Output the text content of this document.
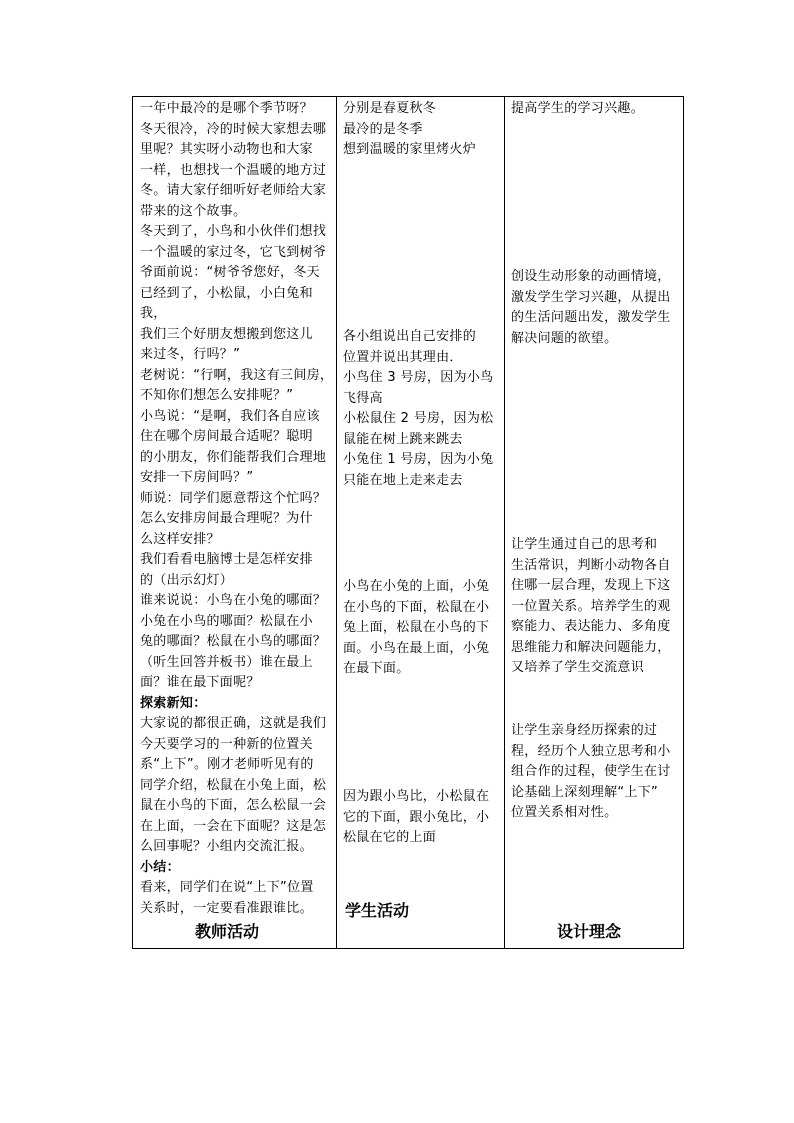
一年中最冷的是哪个季节呀？

冬天很冷，冷的时候大家想去哪

里呢？其实呀小动物也和大家

一样，也想找一个温暖的地方过

冬。请大家仔细听好老师给大家

带来的这个故事。

冬天到了，小鸟和小伙伴们想找

一个温暖的家过冬，它飞到树爷

爷面前说：“树爷爷您好，冬天

已经到了，小松鼠，小白兔和我，

我们三个好朋友想搬到您这儿

来过冬，行吗？”

老树说：“行啊，我这有三间房，

不知你们想怎么安排呢？”

小鸟说：“是啊，我们各自应该

住在哪个房间最合适呢？聪明

的小朋友，你们能帮我们合理地

安排一下房间吗？”

师说：同学们愿意帮这个忙吗？

怎么安排房间最合理呢？为什

么这样安排？

我们看看电脑博士是怎样安排

的（出示幻灯）

谁来说说：小鸟在小兔的哪面？

小兔在小鸟的哪面？松鼠在小

兔的哪面？松鼠在小鸟的哪面？

（听生回答并板书）谁在最上

面？谁在最下面呢？

探索新知：

大家说的都很正确，这就是我们

今天要学习的一种新的位置关

系“上下”。刚才老师听见有的

同学介绍，松鼠在小兔上面，松

鼠在小鸟的下面，怎么松鼠一会

在上面，一会在下面呢？这是怎

么回事呢？小组内交流汇报。

小结：

看来，同学们在说“上下”位置

关系时，一定要看准跟谁比。

分别是春夏秋冬

最冷的是冬季

想到温暖的家里烤火炉

各小组说出自己安排的

位置并说出其理由．

小鸟住 3 号房，因为小鸟

飞得高

小松鼠住 2 号房，因为松

鼠能在树上跳来跳去

小兔住 1 号房，因为小兔

只能在地上走来走去

小鸟在小兔的上面，小兔

在小鸟的下面，松鼠在小

兔上面，松鼠在小鸟的下

面。小鸟在最上面，小兔

在最下面。

因为跟小鸟比，小松鼠在

它的下面，跟小兔比，小

松鼠在它的上面

提高学生的学习兴趣。

创设生动形象的动画情境，

激发学生学习兴趣，从提出

的生活问题出发，激发学生

解决问题的欲望。

让学生通过自己的思考和

生活常识，判断小动物各自

住哪一层合理，发现上下这

一位置关系。培养学生的观

察能力、表达能力、多角度

思维能力和解决问题能力，

又培养了学生交流意识

让学生亲身经历探索的过

程，经历个人独立思考和小

组合作的过程，使学生在讨

论基础上深刻理解“上下”

位置关系相对性。

教师活动
学生活动
设计理念
